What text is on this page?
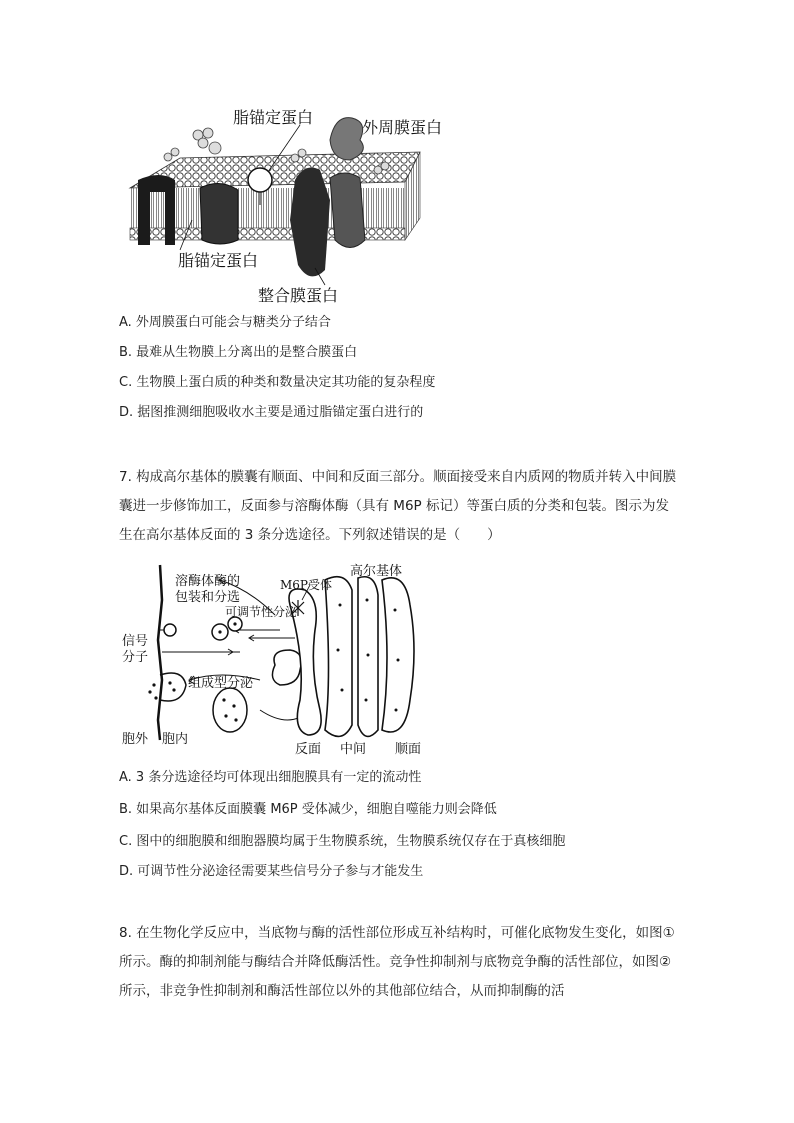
脂锚定蛋白
外周膜蛋白
脂锚定蛋白
整合膜蛋白
A. 外周膜蛋白可能会与糖类分子结合
B. 最难从生物膜上分离出的是整合膜蛋白
C. 生物膜上蛋白质的种类和数量决定其功能的复杂程度
D. 据图推测细胞吸收水主要是通过脂锚定蛋白进行的
7. 构成高尔基体的膜囊有顺面、中间和反面三部分。顺面接受来自内质网的物质并转入中间膜囊进一步修饰加工，反面参与溶酶体酶（具有 M6P 标记）等蛋白质的分类和包装。图示为发生在高尔基体反面的 3 条分选途径。下列叙述错误的是（　　）
溶酶体酶的
包装和分选
M6P受体
高尔基体
可调节性分泌
信号
分子
组成型分泌
胞外 胞内
反面 中间 顺面
A. 3 条分选途径均可体现出细胞膜具有一定的流动性
B. 如果高尔基体反面膜囊 M6P 受体减少，细胞自噬能力则会降低
C. 图中的细胞膜和细胞器膜均属于生物膜系统，生物膜系统仅存在于真核细胞
D. 可调节性分泌途径需要某些信号分子参与才能发生
8. 在生物化学反应中，当底物与酶的活性部位形成互补结构时，可催化底物发生变化，如图①所示。酶的抑制剂能与酶结合并降低酶活性。竞争性抑制剂与底物竞争酶的活性部位，如图②所示，非竞争性抑制剂和酶活性部位以外的其他部位结合，从而抑制酶的活
